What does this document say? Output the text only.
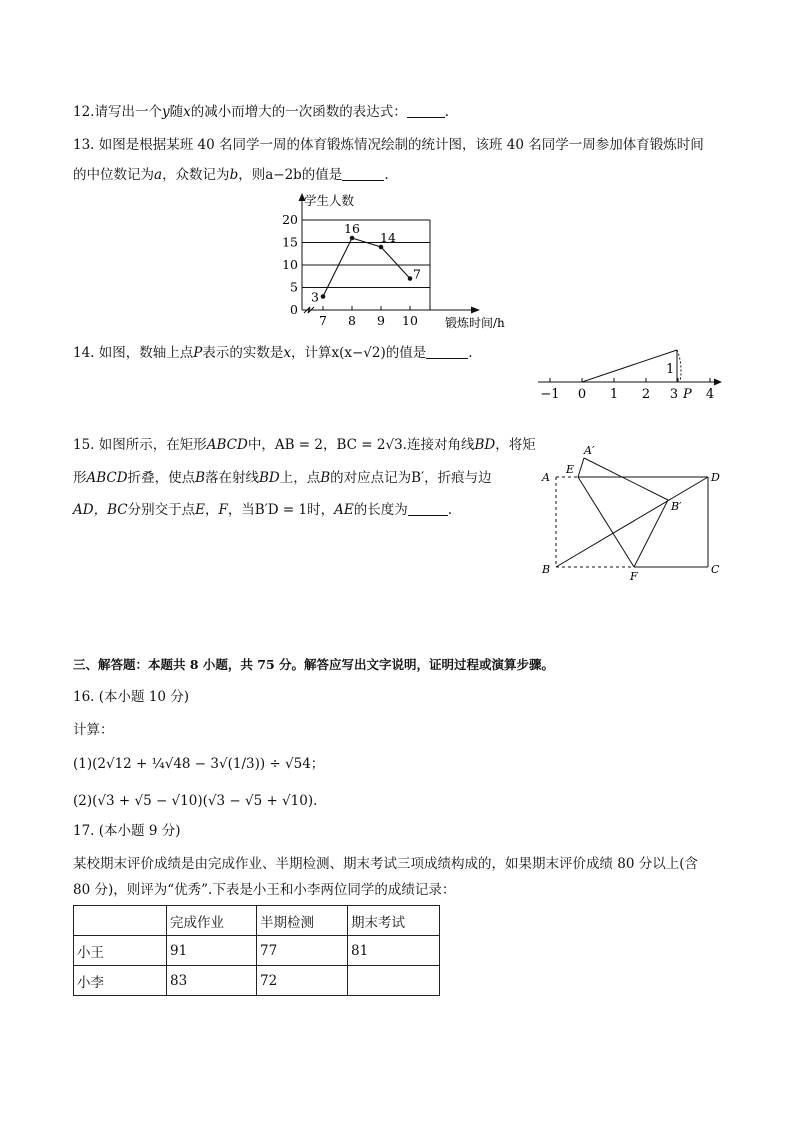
12.请写出一个y随x的减小而增大的一次函数的表达式：	.
13. 如图是根据某班 40 名同学一周的体育锻炼情况绘制的统计图，该班 40 名同学一周参加体育锻炼时间
的中位数记为a，众数记为b，则a−2b的值是	.
0
5
10
15
20
7 8 9 10
3
16
14
7
学生人数
锻炼时间/h
14. 如图，数轴上点P表示的实数是x，计算x(x−√2)的值是	.
−1 0 1 2 3 4
1
P
15. 如图所示，在矩形ABCD中，AB = 2，BC = 2√3.连接对角线BD，将矩
形ABCD折叠，使点B落在射线BD上，点B的对应点记为B′，折痕与边
AD，BC分别交于点E，F，当B′D = 1时，AE的长度为	.
A
E
A′
D
B′
B
F
C
三、解答题：本题共 8 小题，共 75 分。解答应写出文字说明，证明过程或演算步骤。
16. (本小题 10 分)
计算：
(1)(2√12 + ¼√48 − 3√(1/3)) ÷ √54；
(2)(√3 + √5 − √10)(√3 − √5 + √10).
17. (本小题 9 分)
某校期末评价成绩是由完成作业、半期检测、期末考试三项成绩构成的，如果期末评价成绩 80 分以上(含
80 分)，则评为“优秀”.下表是小王和小李两位同学的成绩记录：
	完成作业	半期检测	期末考试
小王	91	77	81
小李	83	72	
